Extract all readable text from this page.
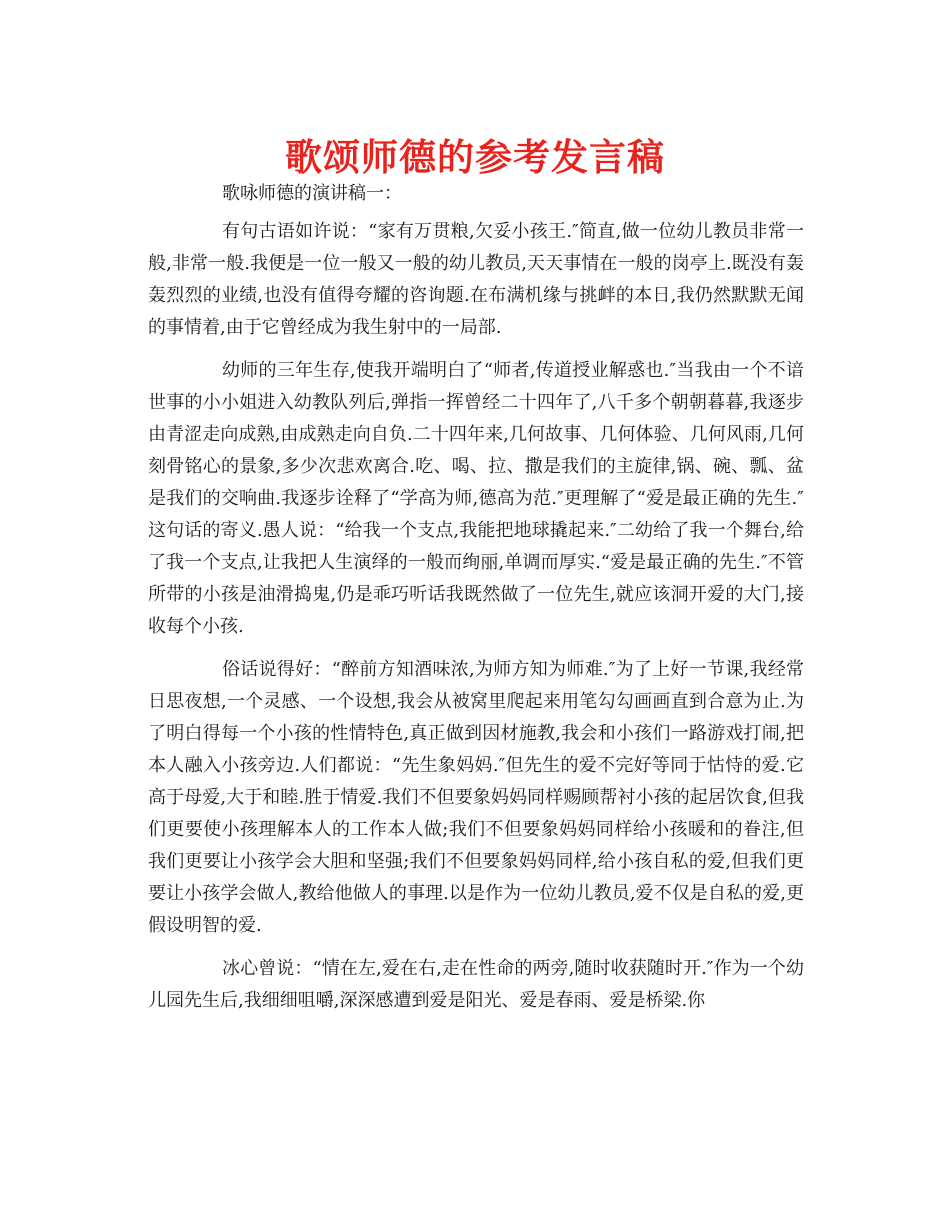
歌颂师德的参考发言稿

歌咏师德的演讲稿一：

有句古语如许说：“家有万贯粮,欠妥小孩王.″简直,做一位幼儿教员非常一般,非常一般.我便是一位一般又一般的幼儿教员,天天事情在一般的岗亭上.既没有轰轰烈烈的业绩,也没有值得夸耀的咨询题.在布满机缘与挑衅的本日,我仍然默默无闻的事情着,由于它曾经成为我生射中的一局部.

幼师的三年生存,使我开端明白了“师者,传道授业解惑也.″当我由一个不谙世事的小小姐进入幼教队列后,弹指一挥曾经二十四年了,八千多个朝朝暮暮,我逐步由青涩走向成熟,由成熟走向自负.二十四年来,几何故事、几何体验、几何风雨,几何刻骨铭心的景象,多少次悲欢离合.吃、喝、拉、撒是我们的主旋律,锅、碗、瓢、盆是我们的交响曲.我逐步诠释了“学高为师,德高为范.″更理解了“爱是最正确的先生.″这句话的寄义.愚人说：“给我一个支点,我能把地球撬起来.″二幼给了我一个舞台,给了我一个支点,让我把人生演绎的一般而绚丽,单调而厚实.“爱是最正确的先生.″不管所带的小孩是油滑捣鬼,仍是乖巧听话我既然做了一位先生,就应该洞开爱的大门,接收每个小孩.

俗话说得好：“醉前方知酒味浓,为师方知为师难.″为了上好一节课,我经常日思夜想,一个灵感、一个设想,我会从被窝里爬起来用笔勾勾画画直到合意为止.为了明白得每一个小孩的性情特色,真正做到因材施教,我会和小孩们一路游戏打闹,把本人融入小孩旁边.人们都说：“先生象妈妈.″但先生的爱不完好等同于怙恃的爱.它高于母爱,大于和睦.胜于情爱.我们不但要象妈妈同样赐顾帮衬小孩的起居饮食,但我们更要使小孩理解本人的工作本人做;我们不但要象妈妈同样给小孩暖和的眷注,但我们更要让小孩学会大胆和坚强;我们不但要象妈妈同样,给小孩自私的爱,但我们更要让小孩学会做人,教给他做人的事理.以是作为一位幼儿教员,爱不仅是自私的爱,更假设明智的爱.

冰心曾说：“情在左,爱在右,走在性命的两旁,随时收获随时开.″作为一个幼儿园先生后,我细细咀嚼,深深感遭到爱是阳光、爱是春雨、爱是桥梁.你
